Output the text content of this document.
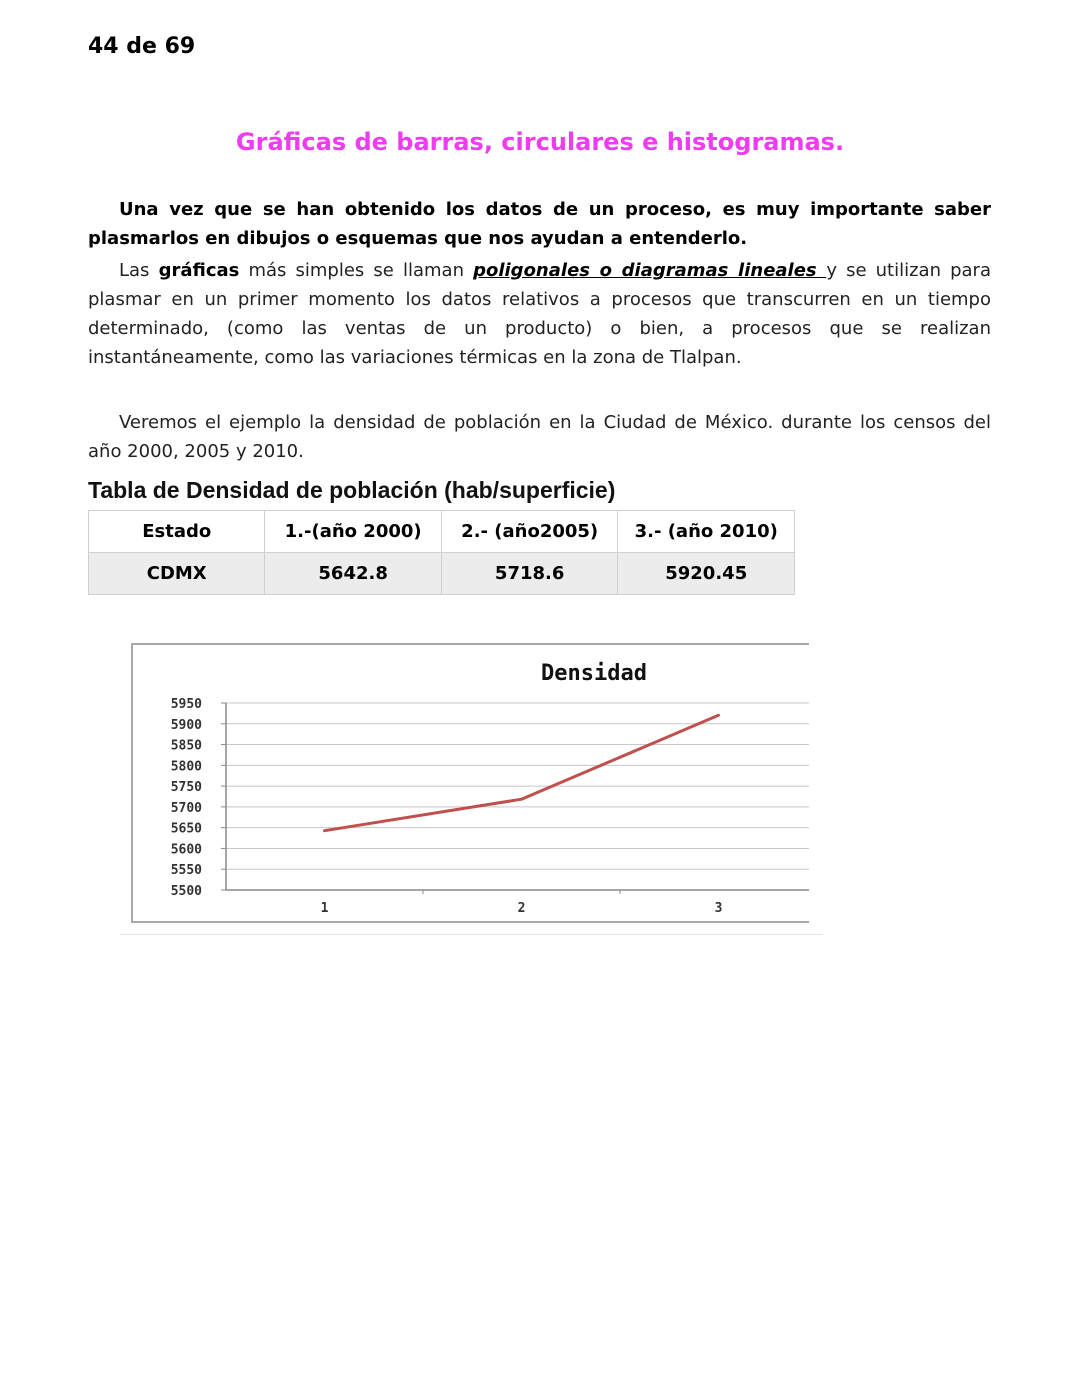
44 de 69
Gráficas de barras, circulares e histogramas.
Una vez que se han obtenido los datos de un proceso, es muy importante saber plasmarlos en dibujos o esquemas que nos ayudan a entenderlo.
Las gráficas más simples se llaman poligonales o diagramas lineales y se utilizan para plasmar en un primer momento los datos relativos a procesos que transcurren en un tiempo determinado, (como las ventas de un producto) o bien, a procesos que se realizan instantáneamente, como las variaciones térmicas en la zona de Tlalpan.
Veremos el ejemplo la densidad de población en la Ciudad de México. durante los censos del año 2000, 2005 y 2010.
Tabla de Densidad de población (hab/superficie)
Estado	1.-(año 2000)	2.- (año2005)	3.- (año 2010)
CDMX	5642.8	5718.6	5920.45
Densidad
5950
5900
5850
5800
5750
5700
5650
5600
5550
5500
1	2	3
